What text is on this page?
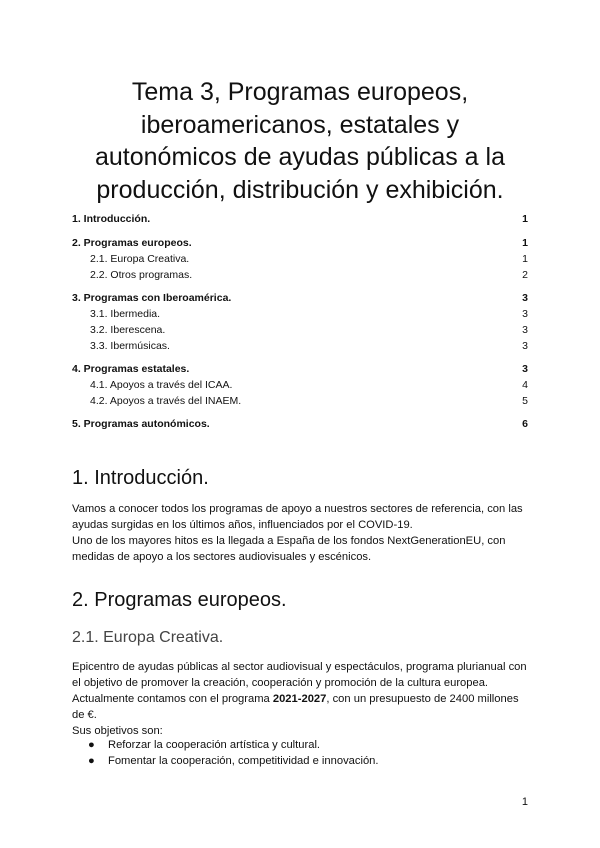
Tema 3, Programas europeos, iberoamericanos, estatales y autonómicos de ayudas públicas a la producción, distribución y exhibición.
1. Introducción.	1
2. Programas europeos.	1
2.1. Europa Creativa.	1
2.2. Otros programas.	2
3. Programas con Iberoamérica.	3
3.1. Ibermedia.	3
3.2. Iberescena.	3
3.3. Ibermúsicas.	3
4. Programas estatales.	3
4.1. Apoyos a través del ICAA.	4
4.2. Apoyos a través del INAEM.	5
5. Programas autonómicos.	6
1. Introducción.
Vamos a conocer todos los programas de apoyo a nuestros sectores de referencia, con las ayudas surgidas en los últimos años, influenciados por el COVID-19.
Uno de los mayores hitos es la llegada a España de los fondos NextGenerationEU, con medidas de apoyo a los sectores audiovisuales y escénicos.
2. Programas europeos.
2.1. Europa Creativa.
Epicentro de ayudas públicas al sector audiovisual y espectáculos, programa plurianual con el objetivo de promover la creación, cooperación y promoción de la cultura europea. Actualmente contamos con el programa 2021-2027, con un presupuesto de 2400 millones de €.
Sus objetivos son:
● Reforzar la cooperación artística y cultural.
● Fomentar la cooperación, competitividad e innovación.
1
